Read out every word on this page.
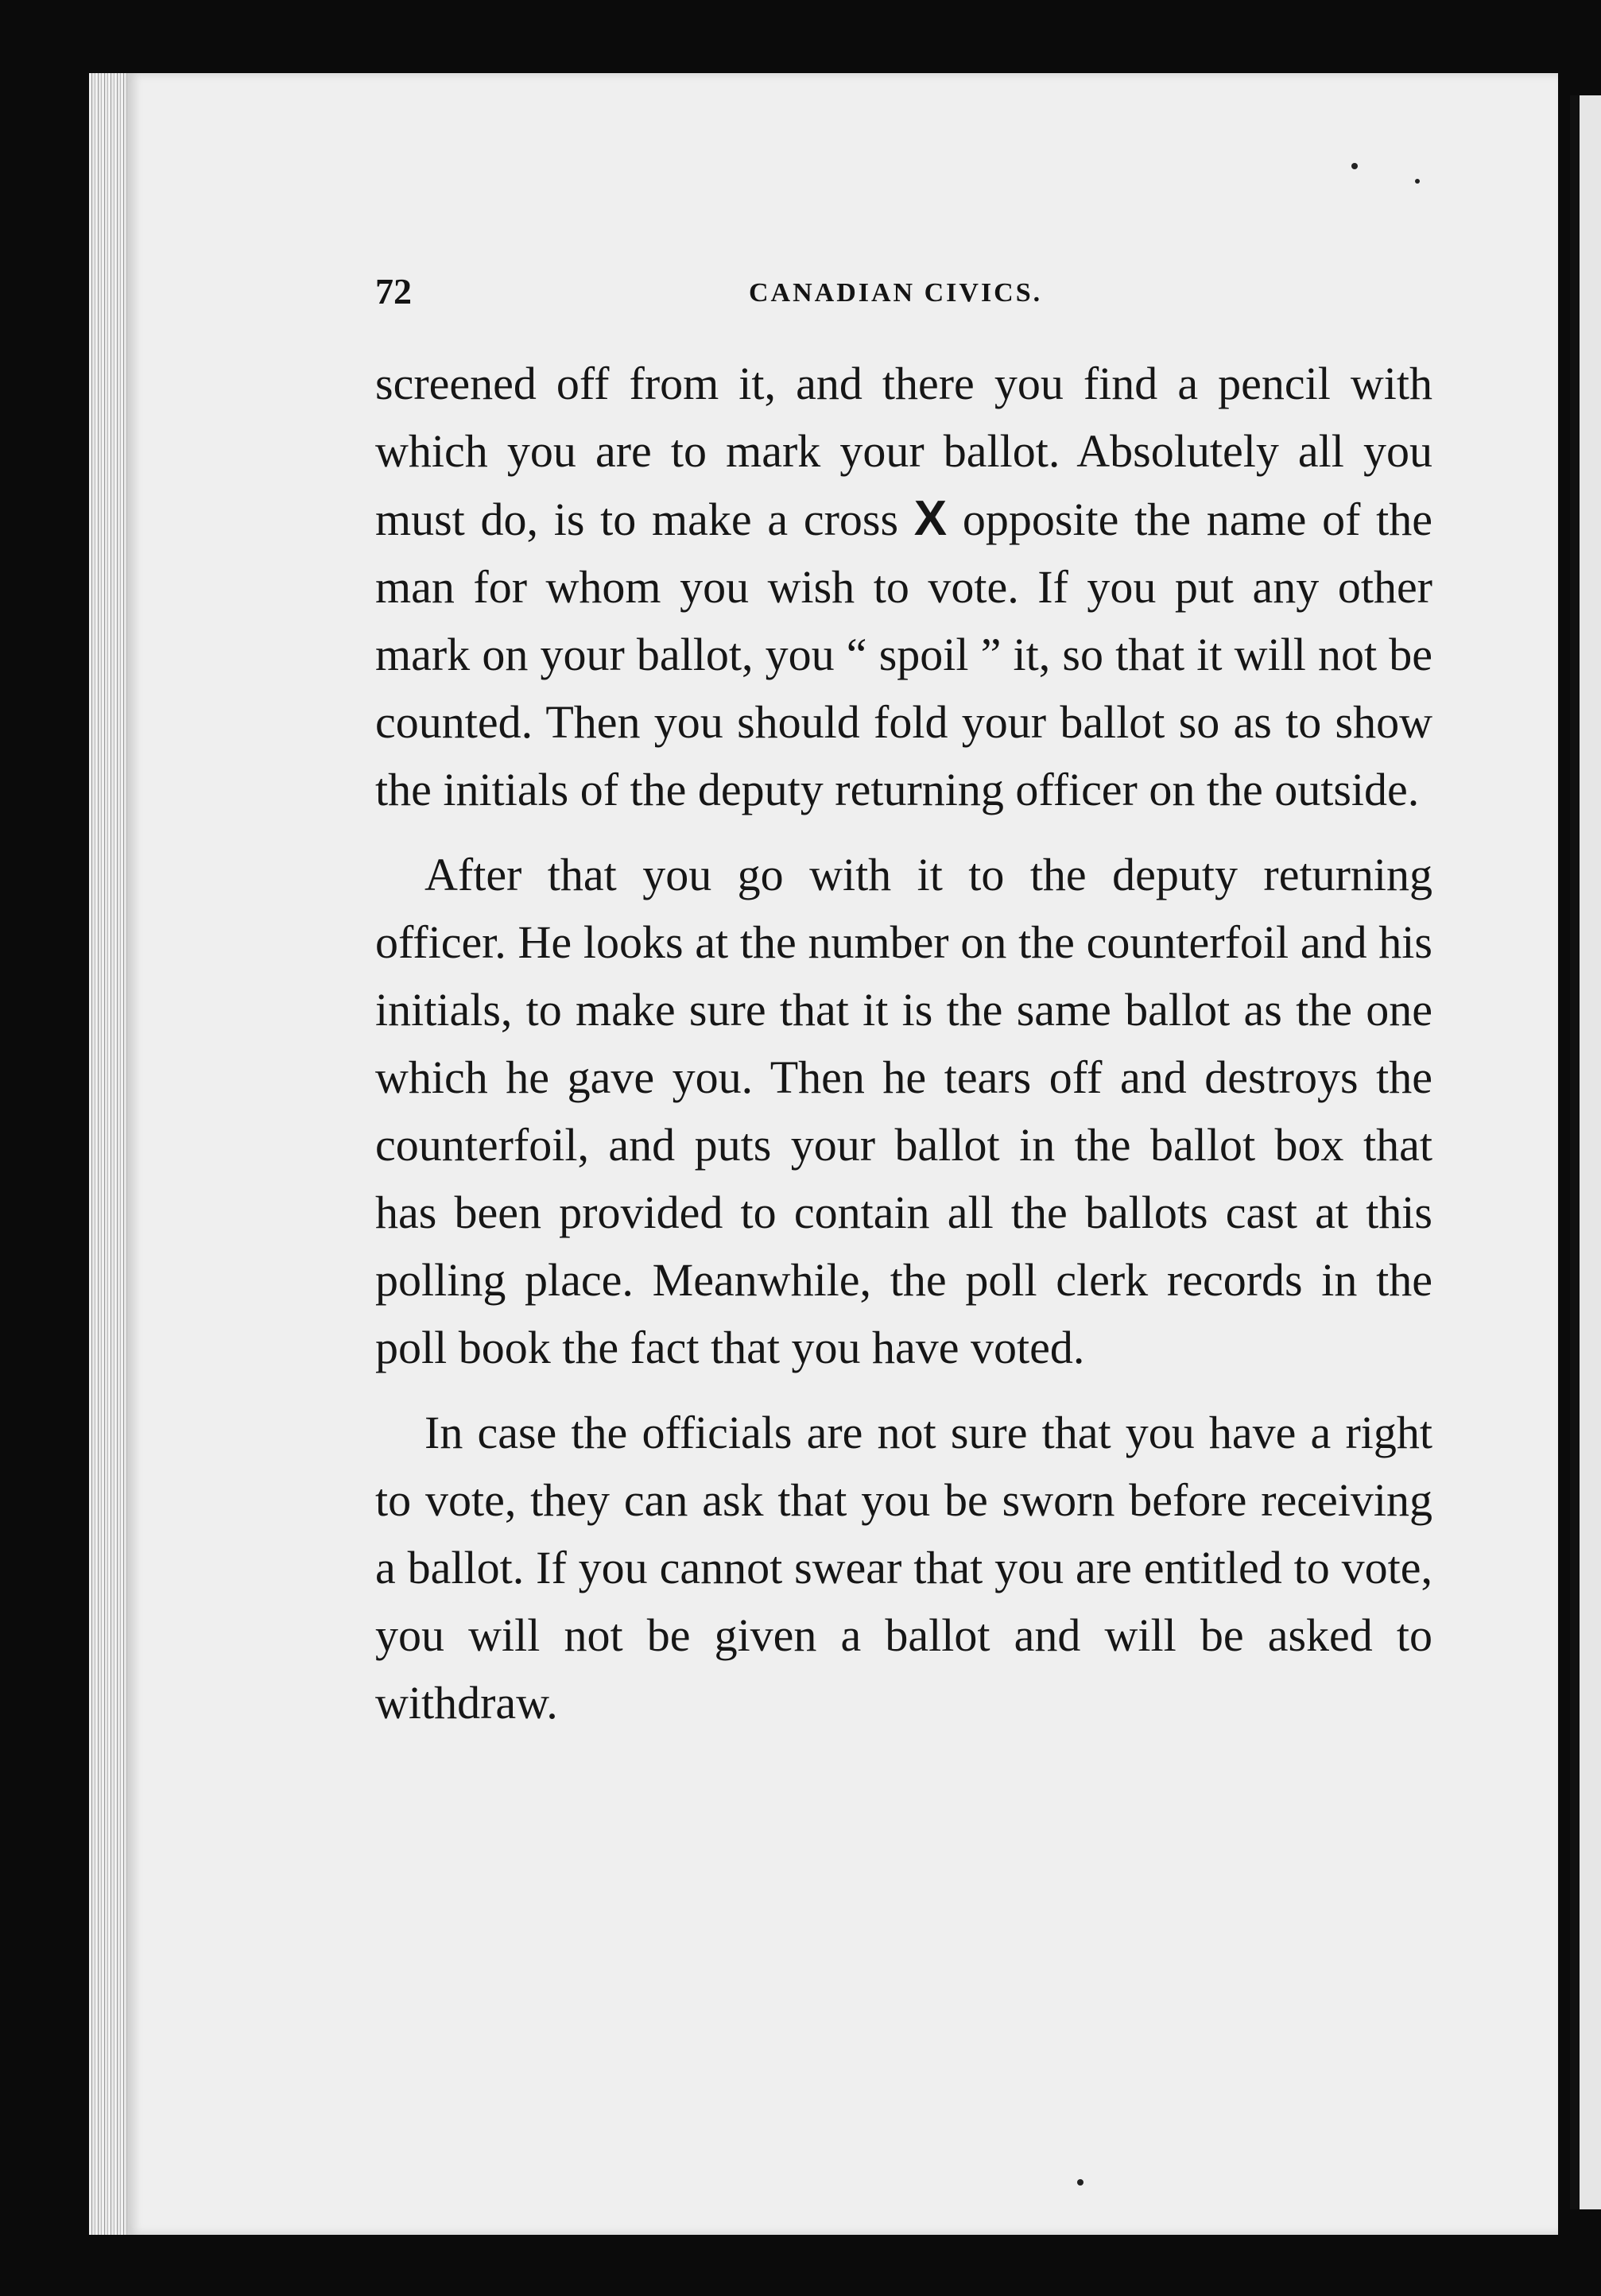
72	CANADIAN CIVICS.

screened off from it, and there you find a pencil with which you are to mark your ballot. Absolutely all you must do, is to make a cross X opposite the name of the man for whom you wish to vote. If you put any other mark on your ballot, you “ spoil ” it, so that it will not be counted. Then you should fold your ballot so as to show the initials of the deputy returning officer on the outside.

After that you go with it to the deputy returning officer. He looks at the number on the counterfoil and his initials, to make sure that it is the same ballot as the one which he gave you. Then he tears off and destroys the counterfoil, and puts your ballot in the ballot box that has been provided to contain all the ballots cast at this polling place. Meanwhile, the poll clerk records in the poll book the fact that you have voted.

In case the officials are not sure that you have a right to vote, they can ask that you be sworn before receiving a ballot. If you cannot swear that you are entitled to vote, you will not be given a ballot and will be asked to withdraw.
